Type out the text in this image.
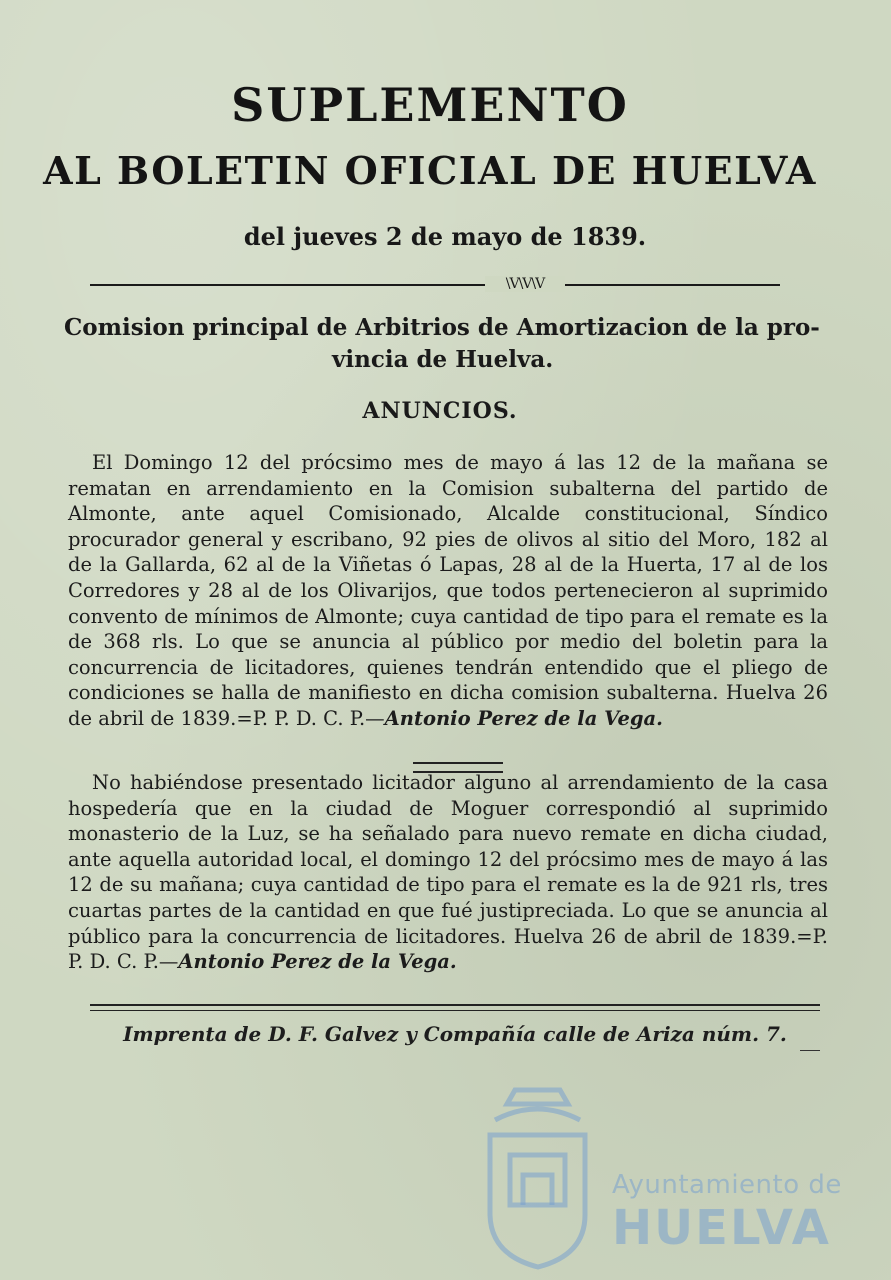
SUPLEMENTO
AL BOLETIN OFICIAL DE HUELVA
del jueves 2 de mayo de 1839.
\V\V\V
Comision principal de Arbitrios de Amortizacion de la pro-
vincia de Huelva.
ANUNCIOS.
El Domingo 12 del prócsimo mes de mayo á las 12 de la mañana se rematan en arrendamiento en la Comision subalterna del partido de Almonte, ante aquel Comisionado, Alcalde constitucional, Síndico procurador general y escribano, 92 pies de olivos al sitio del Moro, 182 al de la Gallarda, 62 al de la Viñetas ó Lapas, 28 al de la Huerta, 17 al de los Corredores y 28 al de los Olivarijos, que todos pertenecieron al suprimido convento de mínimos de Almonte; cuya cantidad de tipo para el remate es la de 368 rls. Lo que se anuncia al público por medio del boletin para la concurrencia de licitadores, quienes tendrán entendido que el pliego de condiciones se halla de manifiesto en dicha comision subalterna. Huelva 26 de abril de 1839.=P. P. D. C. P.—Antonio Perez de la Vega.
No habiéndose presentado licitador alguno al arrendamiento de la casa hospedería que en la ciudad de Moguer correspondió al suprimido monasterio de la Luz, se ha señalado para nuevo remate en dicha ciudad, ante aquella autoridad local, el domingo 12 del prócsimo mes de mayo á las 12 de su mañana; cuya cantidad de tipo para el remate es la de 921 rls, tres cuartas partes de la cantidad en que fué justipreciada. Lo que se anuncia al público para la concurrencia de licitadores. Huelva 26 de abril de 1839.=P. P. D. C. P.—Antonio Perez de la Vega.
Imprenta de D. F. Galvez y Compañía calle de Ariza núm. 7.
Ayuntamiento de
HUELVA
